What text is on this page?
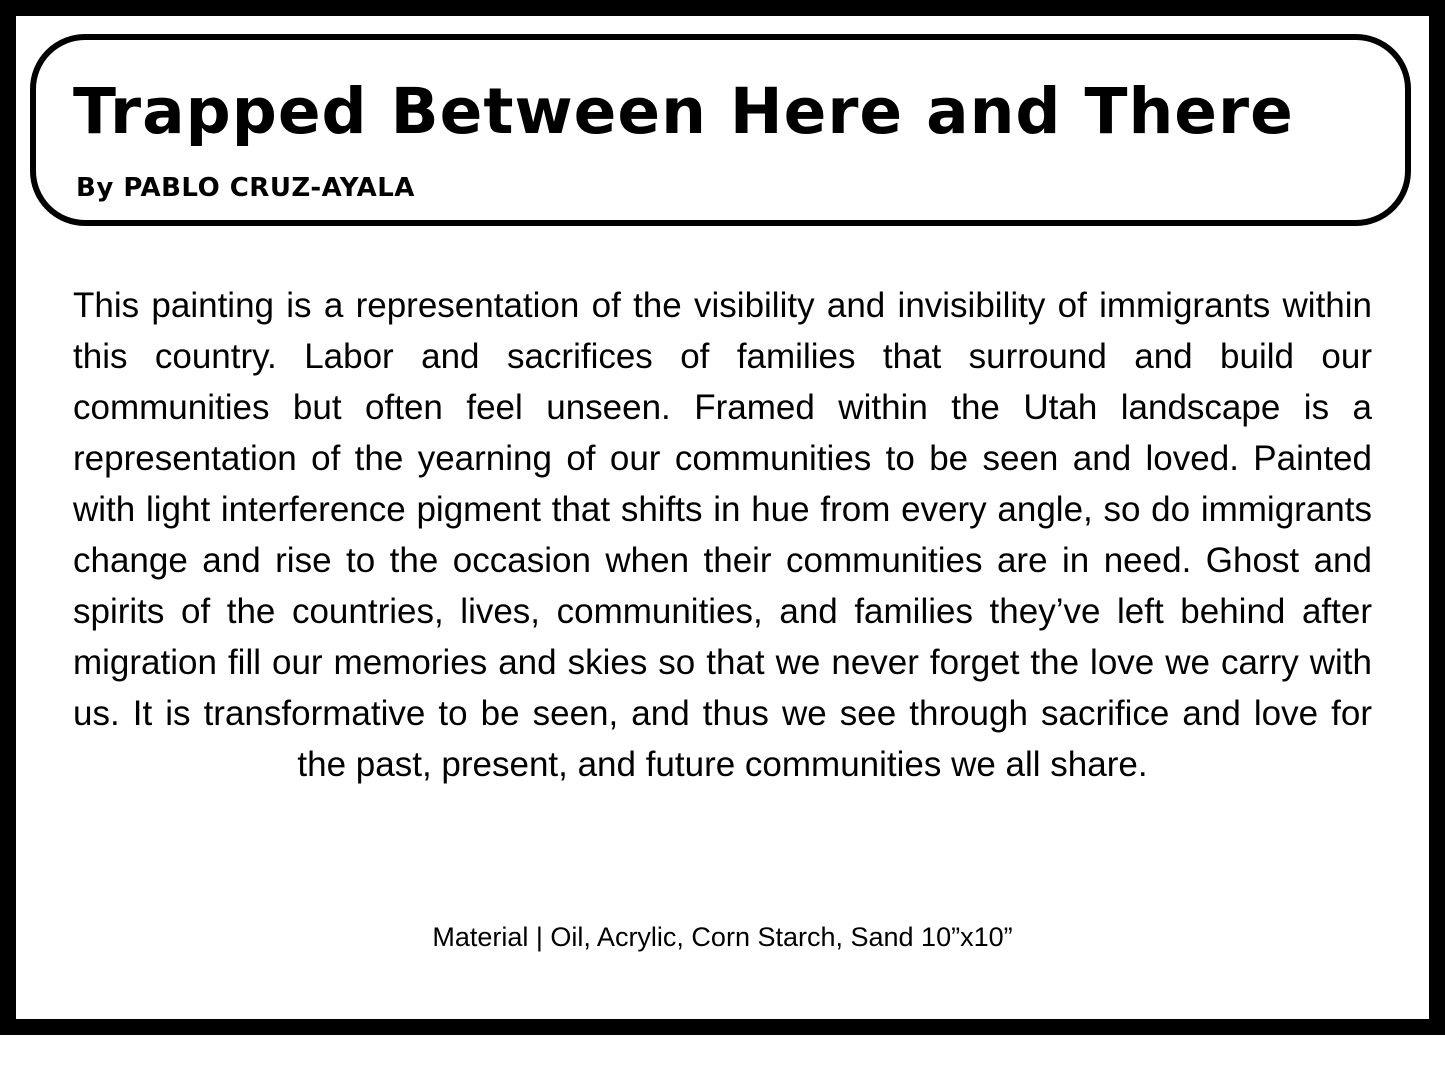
Trapped Between Here and There

By PABLO CRUZ-AYALA

This painting is a representation of the visibility and invisibility of immigrants within this country. Labor and sacrifices of families that surround and build our communities but often feel unseen. Framed within the Utah landscape is a representation of the yearning of our communities to be seen and loved. Painted with light interference pigment that shifts in hue from every angle, so do immigrants change and rise to the occasion when their communities are in need. Ghost and spirits of the countries, lives, communities, and families they’ve left behind after migration fill our memories and skies so that we never forget the love we carry with us. It is transformative to be seen, and thus we see through sacrifice and love for the past, present, and future communities we all share.

Material | Oil, Acrylic, Corn Starch, Sand 10”x10”
